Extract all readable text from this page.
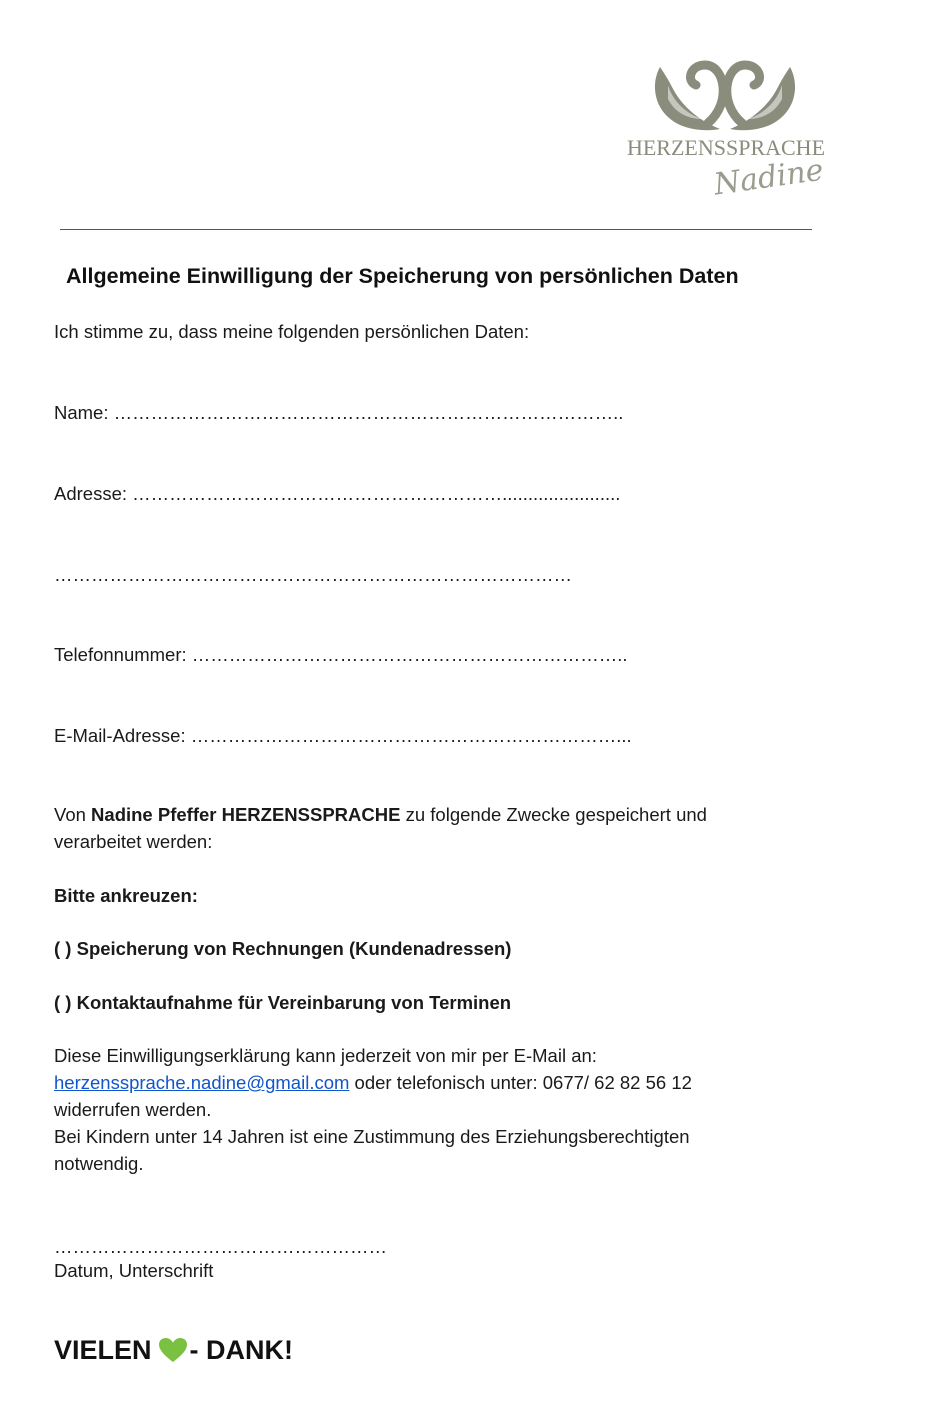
HERZENSSPRACHE
Nadine
Allgemeine Einwilligung der Speicherung von persönlichen Daten

Ich stimme zu, dass meine folgenden persönlichen Daten:

Name: ………………………………………………………………………..

Adresse: …………………………………………………….......................

…………………………………………………………………………

Telefonnummer: ……………………………………………………………..

E-Mail-Adresse: ……………………………………………………………...

Von Nadine Pfeffer HERZENSSPRACHE zu folgende Zwecke gespeichert und

verarbeitet werden:

Bitte ankreuzen:

( ) Speicherung von Rechnungen (Kundenadressen)

( ) Kontaktaufnahme für Vereinbarung von Terminen

Diese Einwilligungserklärung kann jederzeit von mir per E-Mail an:

herzenssprache.nadine@gmail.com oder telefonisch unter: 0677/ 62 82 56 12

widerrufen werden.

Bei Kindern unter 14 Jahren ist eine Zustimmung des Erziehungsberechtigten

notwendig.

………………………………………………

Datum, Unterschrift

VIELEN - DANK!
